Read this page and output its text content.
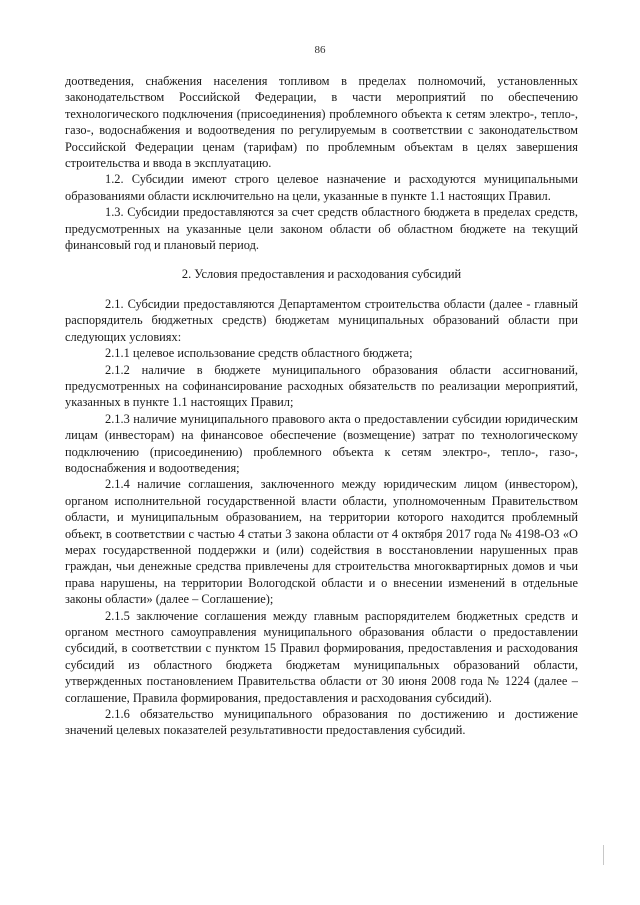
86

доотведения, снабжения населения топливом в пределах полномочий, установленных законодательством Российской Федерации, в части мероприятий по обеспечению технологического подключения (присоединения) проблемного объекта к сетям электро-, тепло-, газо-, водоснабжения и водоотведения по регулируемым в соответствии с законодательством Российской Федерации ценам (тарифам) по проблемным объектам в целях завершения строительства и ввода в эксплуатацию.

1.2. Субсидии имеют строго целевое назначение и расходуются муниципальными образованиями области исключительно на цели, указанные в пункте 1.1 настоящих Правил.

1.3. Субсидии предоставляются за счет средств областного бюджета в пределах средств, предусмотренных на указанные цели законом области об областном бюджете на текущий финансовый год и плановый период.

2. Условия предоставления и расходования субсидий

2.1. Субсидии предоставляются Департаментом строительства области (далее - главный распорядитель бюджетных средств) бюджетам муниципальных образований области при следующих условиях:

2.1.1 целевое использование средств областного бюджета;

2.1.2 наличие в бюджете муниципального образования области ассигнований, предусмотренных на софинансирование расходных обязательств по реализации мероприятий, указанных в пункте 1.1 настоящих Правил;

2.1.3 наличие муниципального правового акта о предоставлении субсидии юридическим лицам (инвесторам) на финансовое обеспечение (возмещение) затрат по технологическому подключению (присоединению) проблемного объекта к сетям электро-, тепло-, газо-, водоснабжения и водоотведения;

2.1.4 наличие соглашения, заключенного между юридическим лицом (инвестором), органом исполнительной государственной власти области, уполномоченным Правительством области, и муниципальным образованием, на территории которого находится проблемный объект, в соответствии с частью 4 статьи 3 закона области от 4 октября 2017 года № 4198-ОЗ «О мерах государственной поддержки и (или) содействия в восстановлении нарушенных прав граждан, чьи денежные средства привлечены для строительства многоквартирных домов и чьи права нарушены, на территории Вологодской области и о внесении изменений в отдельные законы области» (далее – Соглашение);

2.1.5 заключение соглашения между главным распорядителем бюджетных средств и органом местного самоуправления муниципального образования области о предоставлении субсидий, в соответствии с пунктом 15 Правил формирования, предоставления и расходования субсидий из областного бюджета бюджетам муниципальных образований области, утвержденных постановлением Правительства области от 30 июня 2008 года № 1224 (далее – соглашение, Правила формирования, предоставления и расходования субсидий).

2.1.6 обязательство муниципального образования по достижению и достижение значений целевых показателей результативности предоставления субсидий.
